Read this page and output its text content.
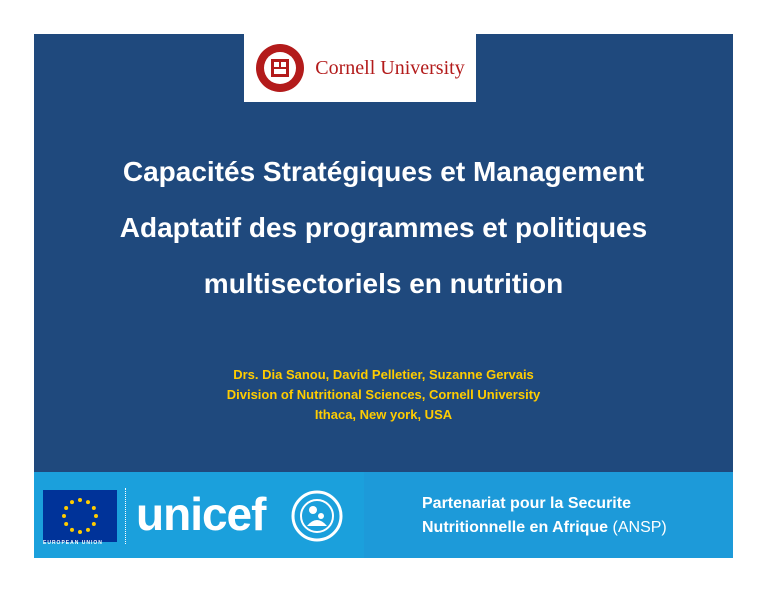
Cornell University
Capacités Stratégiques et Management
Adaptatif des programmes et politiques
multisectoriels en nutrition
Drs. Dia Sanou, David Pelletier, Suzanne Gervais
Division of Nutritional Sciences, Cornell University
Ithaca, New york, USA
EUROPEAN UNION
unicef	Partenariat pour la Securite
Nutritionnelle en Afrique (ANSP)
